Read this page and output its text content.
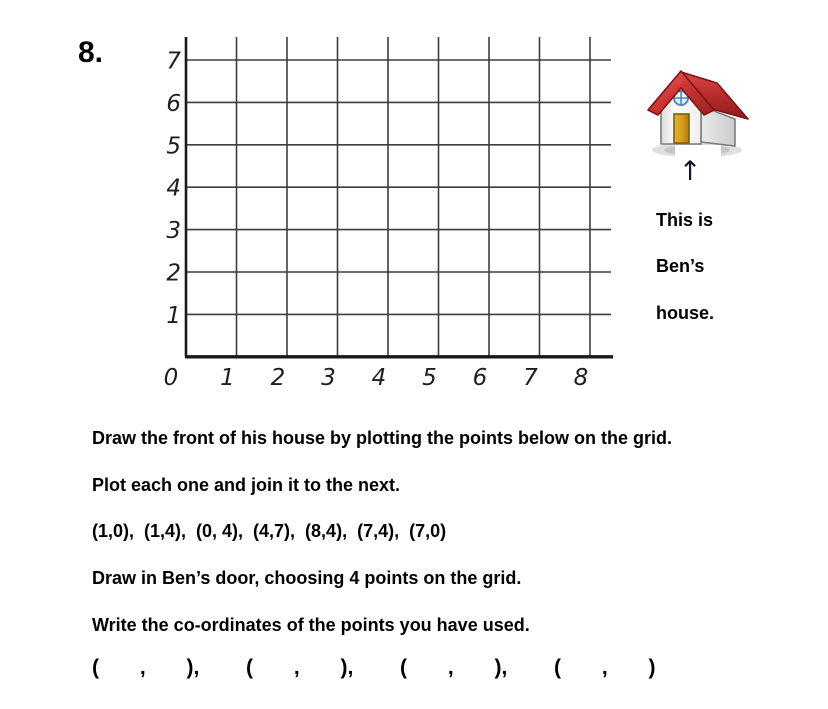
8.	7
6
5
4
3
2
1
0 1 2 3 4 5 6 7 8
↑
This is
Ben’s
house.
Draw the front of his house by plotting the points below on the grid.
Plot each one and join it to the next.
(1,0),  (1,4),  (0, 4),  (4,7),  (8,4),  (7,4),  (7,0)
Draw in Ben’s door, choosing 4 points on the grid.
Write the co-ordinates of the points you have used.
(       ,       ),        (       ,       ),        (       ,       ),        (       ,       )
